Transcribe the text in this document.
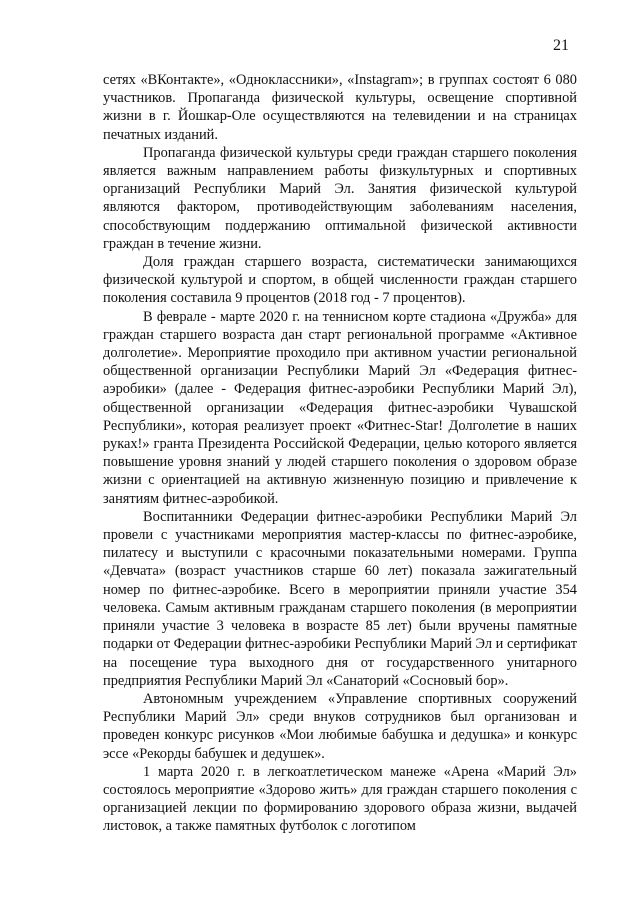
21

сетях «ВКонтакте», «Одноклассники», «Instagram»; в группах состоят 6 080 участников. Пропаганда физической культуры, освещение спортивной жизни в г. Йошкар-Оле осуществляются на телевидении и на страницах печатных изданий.

Пропаганда физической культуры среди граждан старшего поколения является важным направлением работы физкультурных и спортивных организаций Республики Марий Эл. Занятия физической культурой являются фактором, противодействующим заболеваниям населения, способствующим поддержанию оптимальной физической активности граждан в течение жизни.

Доля граждан старшего возраста, систематически занимающихся физической культурой и спортом, в общей численности граждан старшего поколения составила 9 процентов (2018 год - 7 процентов).

В феврале - марте 2020 г. на теннисном корте стадиона «Дружба» для граждан старшего возраста дан старт региональной программе «Активное долголетие». Мероприятие проходило при активном участии региональной общественной организации Республики Марий Эл «Федерация фитнес-аэробики» (далее - Федерация фитнес-аэробики Республики Марий Эл), общественной организации «Федерация фитнес-аэробики Чувашской Республики», которая реализует проект «Фитнес-Star! Долголетие в наших руках!» гранта Президента Российской Федерации, целью которого является повышение уровня знаний у людей старшего поколения о здоровом образе жизни с ориентацией на активную жизненную позицию и привлечение к занятиям фитнес-аэробикой.

Воспитанники Федерации фитнес-аэробики Республики Марий Эл провели с участниками мероприятия мастер-классы по фитнес-аэробике, пилатесу и выступили с красочными показательными номерами. Группа «Девчата» (возраст участников старше 60 лет) показала зажигательный номер по фитнес-аэробике. Всего в мероприятии приняли участие 354 человека. Самым активным гражданам старшего поколения (в мероприятии приняли участие 3 человека в возрасте 85 лет) были вручены памятные подарки от Федерации фитнес-аэробики Республики Марий Эл и сертификат на посещение тура выходного дня от государственного унитарного предприятия Республики Марий Эл «Санаторий «Сосновый бор».

Автономным учреждением «Управление спортивных сооружений Республики Марий Эл» среди внуков сотрудников был организован и проведен конкурс рисунков «Мои любимые бабушка и дедушка» и конкурс эссе «Рекорды бабушек и дедушек».

1 марта 2020 г. в легкоатлетическом манеже «Арена «Марий Эл» состоялось мероприятие «Здорово жить» для граждан старшего поколения с организацией лекции по формированию здорового образа жизни, выдачей листовок, а также памятных футболок с логотипом
